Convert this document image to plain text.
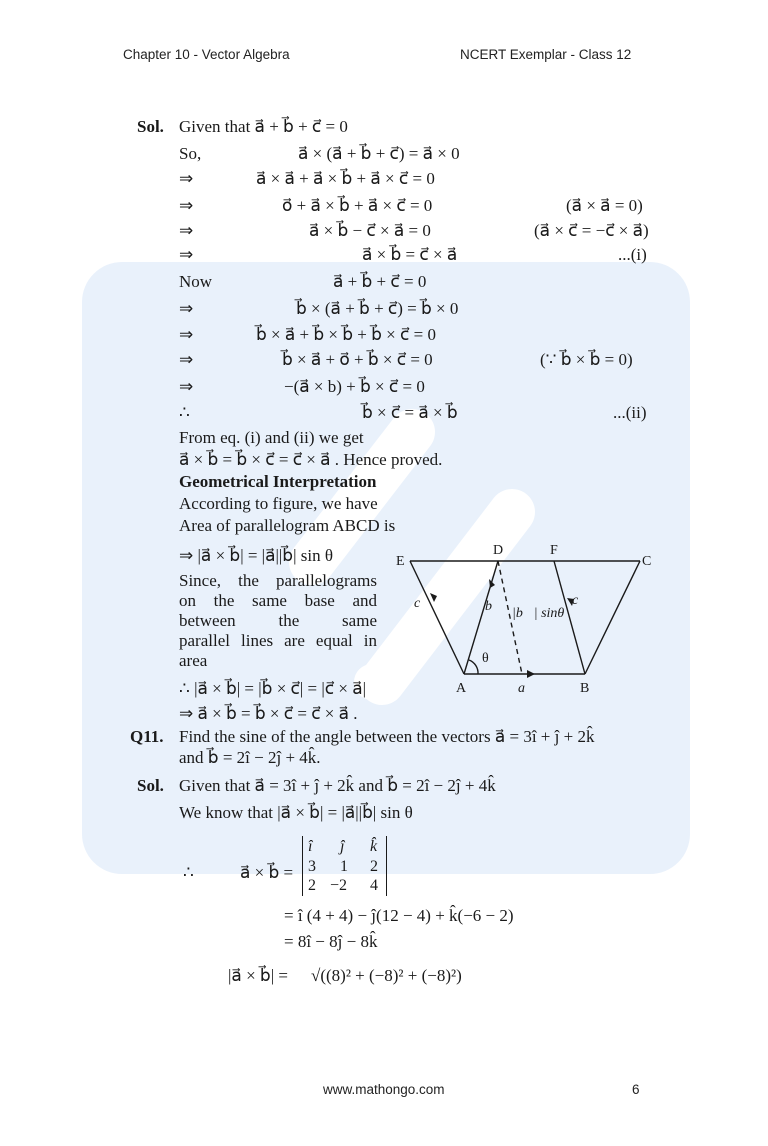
Chapter 10 - Vector Algebra	NCERT Exemplar - Class 12
Sol. Given that a⃗ + b⃗ + c⃗ = 0
So,	a⃗ × (a⃗ + b⃗ + c⃗) = a⃗ × 0
⇒	a⃗ × a⃗ + a⃗ × b⃗ + a⃗ × c⃗ = 0
⇒	o⃗ + a⃗ × b⃗ + a⃗ × c⃗ = 0	(a⃗ × a⃗ = 0)
⇒	a⃗ × b⃗ − c⃗ × a⃗ = 0	(a⃗ × c⃗ = −c⃗ × a⃗)
⇒	a⃗ × b⃗ = c⃗ × a⃗	...(i)
Now	a⃗ + b⃗ + c⃗ = 0
⇒	b⃗ × (a⃗ + b⃗ + c⃗) = b⃗ × 0
⇒	b⃗ × a⃗ + b⃗ × b⃗ + b⃗ × c⃗ = 0
⇒	b⃗ × a⃗ + o⃗ + b⃗ × c⃗ = 0	(∵ b⃗ × b⃗ = 0)
⇒	−(a⃗ × b) + b⃗ × c⃗ = 0
∴	b⃗ × c⃗ = a⃗ × b⃗	...(ii)
From eq. (i) and (ii) we get
a⃗ × b⃗ = b⃗ × c⃗ = c⃗ × a⃗ . Hence proved.
Geometrical Interpretation
According to figure, we have
Area of parallelogram ABCD is
⇒ |a⃗ × b⃗| = |a⃗||b⃗| sin θ
Since, the parallelograms
on the same base and
between the same
parallel lines are equal in
area
∴ |a⃗ × b⃗| = |b⃗ × c⃗| = |c⃗ × a⃗|
⇒ a⃗ × b⃗ = b⃗ × c⃗ = c⃗ × a⃗ .
E
D	F
C
A	B
c⃗	b⃗ |b⃗| sinθ
c⃗
θ
a⃗
Q11. Find the sine of the angle between the vectors a⃗ = 3î + ĵ + 2k̂
and b⃗ = 2î − 2ĵ + 4k̂.
Sol. Given that a⃗ = 3î + ĵ + 2k̂ and b⃗ = 2î − 2ĵ + 4k̂
We know that |a⃗ × b⃗| = |a⃗||b⃗| sin θ
∴	a⃗ × b⃗ =
î ĵ k̂
3 1 2
2 −2 4
= î (4 + 4) − ĵ(12 − 4) + k̂(−6 − 2)
= 8î − 8ĵ − 8k̂
|a⃗ × b⃗| = √((8)² + (−8)² + (−8)²)
www.mathongo.com	6
